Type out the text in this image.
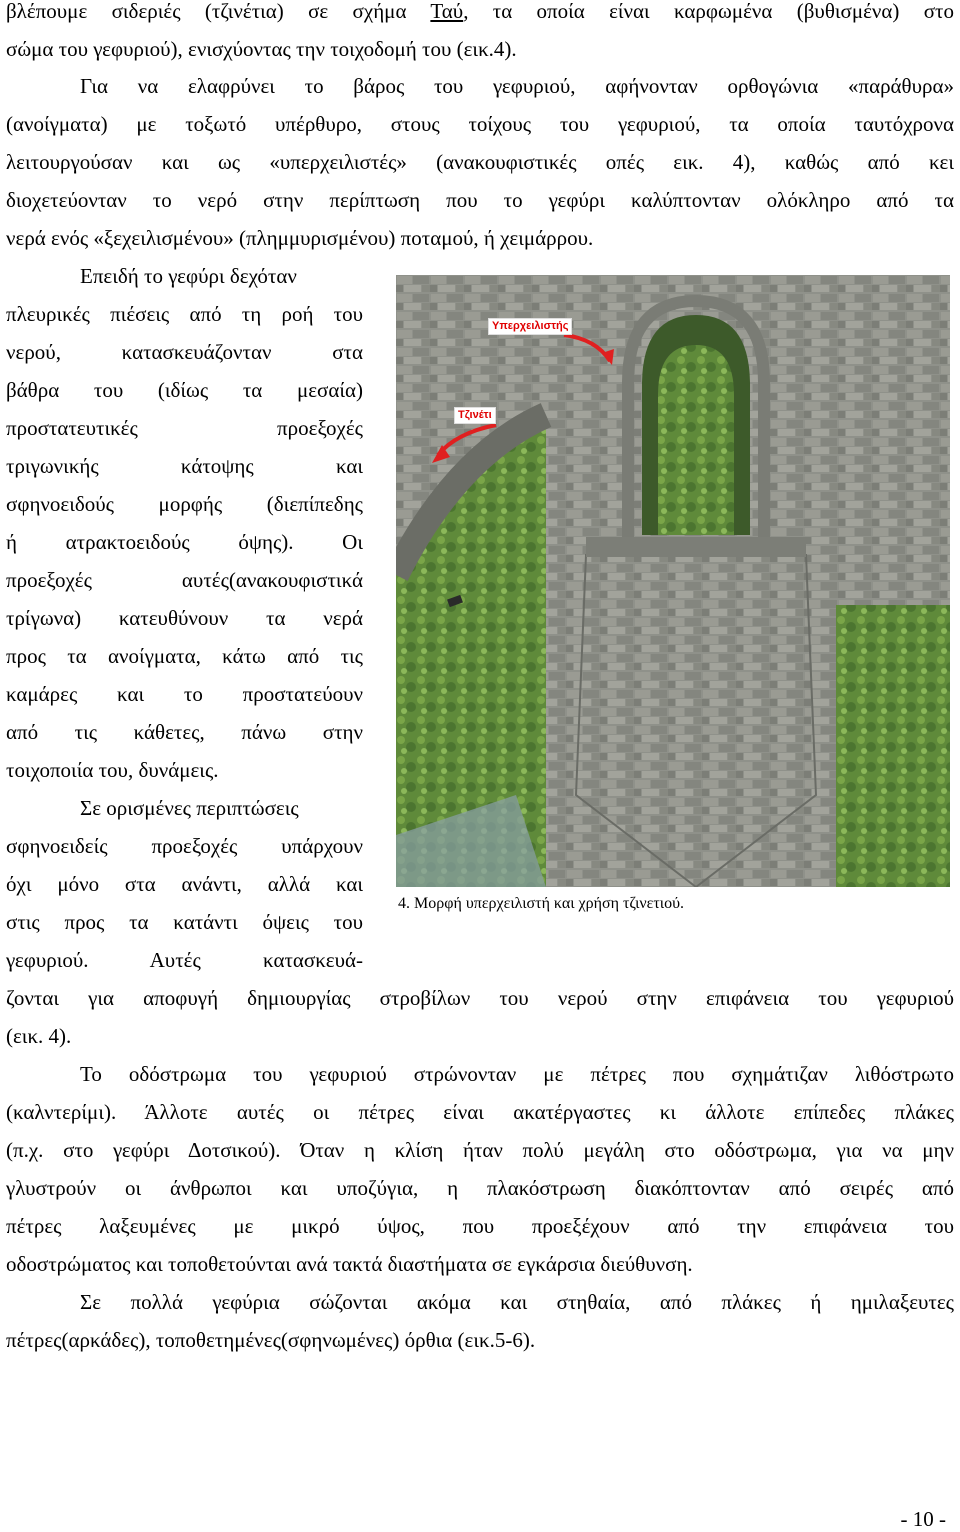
βλέπουμε σιδεριές (τζινέτια) σε σχήμα Ταύ, τα οποία είναι καρφωμένα (βυθισμένα) στο
σώμα του γεφυριού), ενισχύοντας την τοιχοδομή του (εικ.4).
Για να ελαφρύνει το βάρος του γεφυριού, αφήνονταν ορθογώνια «παράθυρα»
(ανοίγματα) με τοξωτό υπέρθυρο, στους τοίχους του γεφυριού, τα οποία ταυτόχρονα
λειτουργούσαν και ως «υπερχειλιστές» (ανακουφιστικές οπές εικ. 4), καθώς από κει
διοχετεύονταν το νερό στην περίπτωση που το γεφύρι καλύπτονταν ολόκληρο από τα
νερά ενός «ξεχειλισμένου» (πλημμυρισμένου) ποταμού, ή χειμάρρου.
Επειδή το γεφύρι δεχόταν
πλευρικές πιέσεις από τη ροή του
νερού, κατασκευάζονταν στα
βάθρα του (ιδίως τα μεσαία)
προστατευτικές προεξοχές
τριγωνικής κάτοψης και
σφηνοειδούς μορφής (διεπίπεδης
ή ατρακτοειδούς όψης). Οι
προεξοχές αυτές(ανακουφιστικά
τρίγωνα) κατευθύνουν τα νερά
προς τα ανοίγματα, κάτω από τις
καμάρες και το προστατεύουν
από τις κάθετες, πάνω στην
τοιχοποιία του, δυνάμεις.
Σε ορισμένες περιπτώσεις
σφηνοειδείς προεξοχές υπάρχουν
όχι μόνο στα ανάντι, αλλά και
στις προς τα κατάντι όψεις του
γεφυριού. Αυτές κατασκευά-
ζονται για αποφυγή δημιουργίας στροβίλων του νερού στην επιφάνεια του γεφυριού
(εικ. 4).
Το οδόστρωμα του γεφυριού στρώνονταν με πέτρες που σχημάτιζαν λιθόστρωτο
(καλντερίμι). Άλλοτε αυτές οι πέτρες είναι ακατέργαστες κι άλλοτε επίπεδες πλάκες
(π.χ. στο γεφύρι Δοτσικού). Όταν η κλίση ήταν πολύ μεγάλη στο οδόστρωμα, για να μην
γλυστρούν οι άνθρωποι και υποζύγια, η πλακόστρωση διακόπτονταν από σειρές από
πέτρες λαξευμένες με μικρό ύψος, που προεξέχουν από την επιφάνεια του
οδοστρώματος και τοποθετούνται ανά τακτά διαστήματα σε εγκάρσια διεύθυνση.
Σε πολλά γεφύρια σώζονται ακόμα και στηθαία, από πλάκες ή ημιλαξευτες
πέτρες(αρκάδες), τοποθετημένες(σφηνωμένες) όρθια (εικ.5-6).
Υπερχειλιστής
Τζινέτι
4. Μορφή υπερχειλιστή και χρήση τζινετιού.
- 10 -
